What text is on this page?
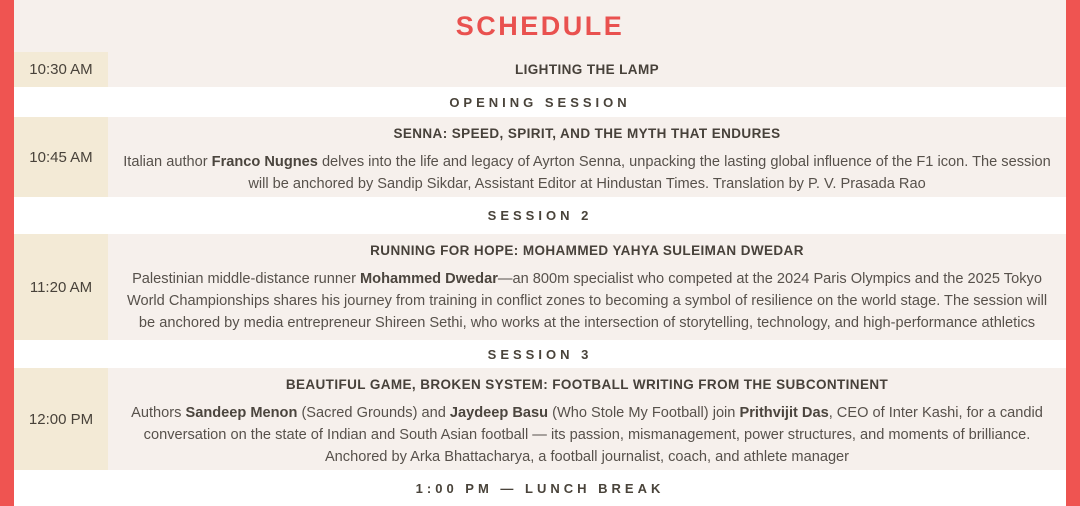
SCHEDULE
10:30 AM	LIGHTING THE LAMP
OPENING SESSION
10:45 AM
SENNA: SPEED, SPIRIT, AND THE MYTH THAT ENDURES
Italian author Franco Nugnes delves into the life and legacy of Ayrton Senna, unpacking the lasting global influence of the F1 icon. The session will be anchored by Sandip Sikdar, Assistant Editor at Hindustan Times. Translation by P. V. Prasada Rao
SESSION 2
11:20 AM
RUNNING FOR HOPE: MOHAMMED YAHYA SULEIMAN DWEDAR
Palestinian middle-distance runner Mohammed Dwedar—an 800m specialist who competed at the 2024 Paris Olympics and the 2025 Tokyo World Championships shares his journey from training in conflict zones to becoming a symbol of resilience on the world stage. The session will be anchored by media entrepreneur Shireen Sethi, who works at the intersection of storytelling, technology, and high-performance athletics
SESSION 3
12:00 PM
BEAUTIFUL GAME, BROKEN SYSTEM: FOOTBALL WRITING FROM THE SUBCONTINENT
Authors Sandeep Menon (Sacred Grounds) and Jaydeep Basu (Who Stole My Football) join Prithvijit Das, CEO of Inter Kashi, for a candid conversation on the state of Indian and South Asian football — its passion, mismanagement, power structures, and moments of brilliance. Anchored by Arka Bhattacharya, a football journalist, coach, and athlete manager
1:00 PM — LUNCH BREAK
